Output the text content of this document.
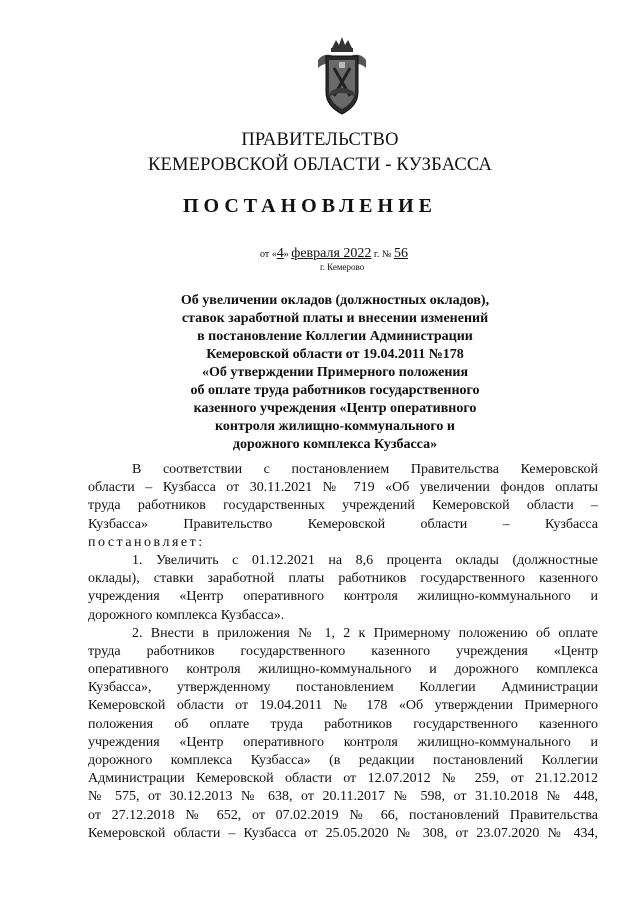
ПРАВИТЕЛЬСТВО
КЕМЕРОВСКОЙ ОБЛАСТИ - КУЗБАССА
ПОСТАНОВЛЕНИЕ
от «4» февраля 2022 г. № 56
г. Кемерово
Об увеличении окладов (должностных окладов),
ставок заработной платы и внесении изменений
в постановление Коллегии Администрации
Кемеровской области от 19.04.2011 №178
«Об утверждении Примерного положения
об оплате труда работников государственного
казенного учреждения «Центр оперативного
контроля жилищно-коммунального и
дорожного комплекса Кузбасса»
В соответствии с постановлением Правительства Кемеровской
области – Кузбасса от 30.11.2021 № 719 «Об увеличении фондов оплаты
труда работников государственных учреждений Кемеровской области –
Кузбасса» Правительство Кемеровской области – Кузбасса
постановляет:
1. Увеличить с 01.12.2021 на 8,6 процента оклады (должностные
оклады), ставки заработной платы работников государственного казенного
учреждения «Центр оперативного контроля жилищно-коммунального и
дорожного комплекса Кузбасса».
2. Внести в приложения № 1, 2 к Примерному положению об оплате
труда работников государственного казенного учреждения «Центр
оперативного контроля жилищно-коммунального и дорожного комплекса
Кузбасса», утвержденному постановлением Коллегии Администрации
Кемеровской области от 19.04.2011 № 178 «Об утверждении Примерного
положения об оплате труда работников государственного казенного
учреждения «Центр оперативного контроля жилищно-коммунального и
дорожного комплекса Кузбасса» (в редакции постановлений Коллегии
Администрации Кемеровской области от 12.07.2012 № 259, от 21.12.2012
№ 575, от 30.12.2013 № 638, от 20.11.2017 № 598, от 31.10.2018 № 448,
от 27.12.2018 № 652, от 07.02.2019 № 66, постановлений Правительства
Кемеровской области – Кузбасса от 25.05.2020 № 308, от 23.07.2020 № 434,
